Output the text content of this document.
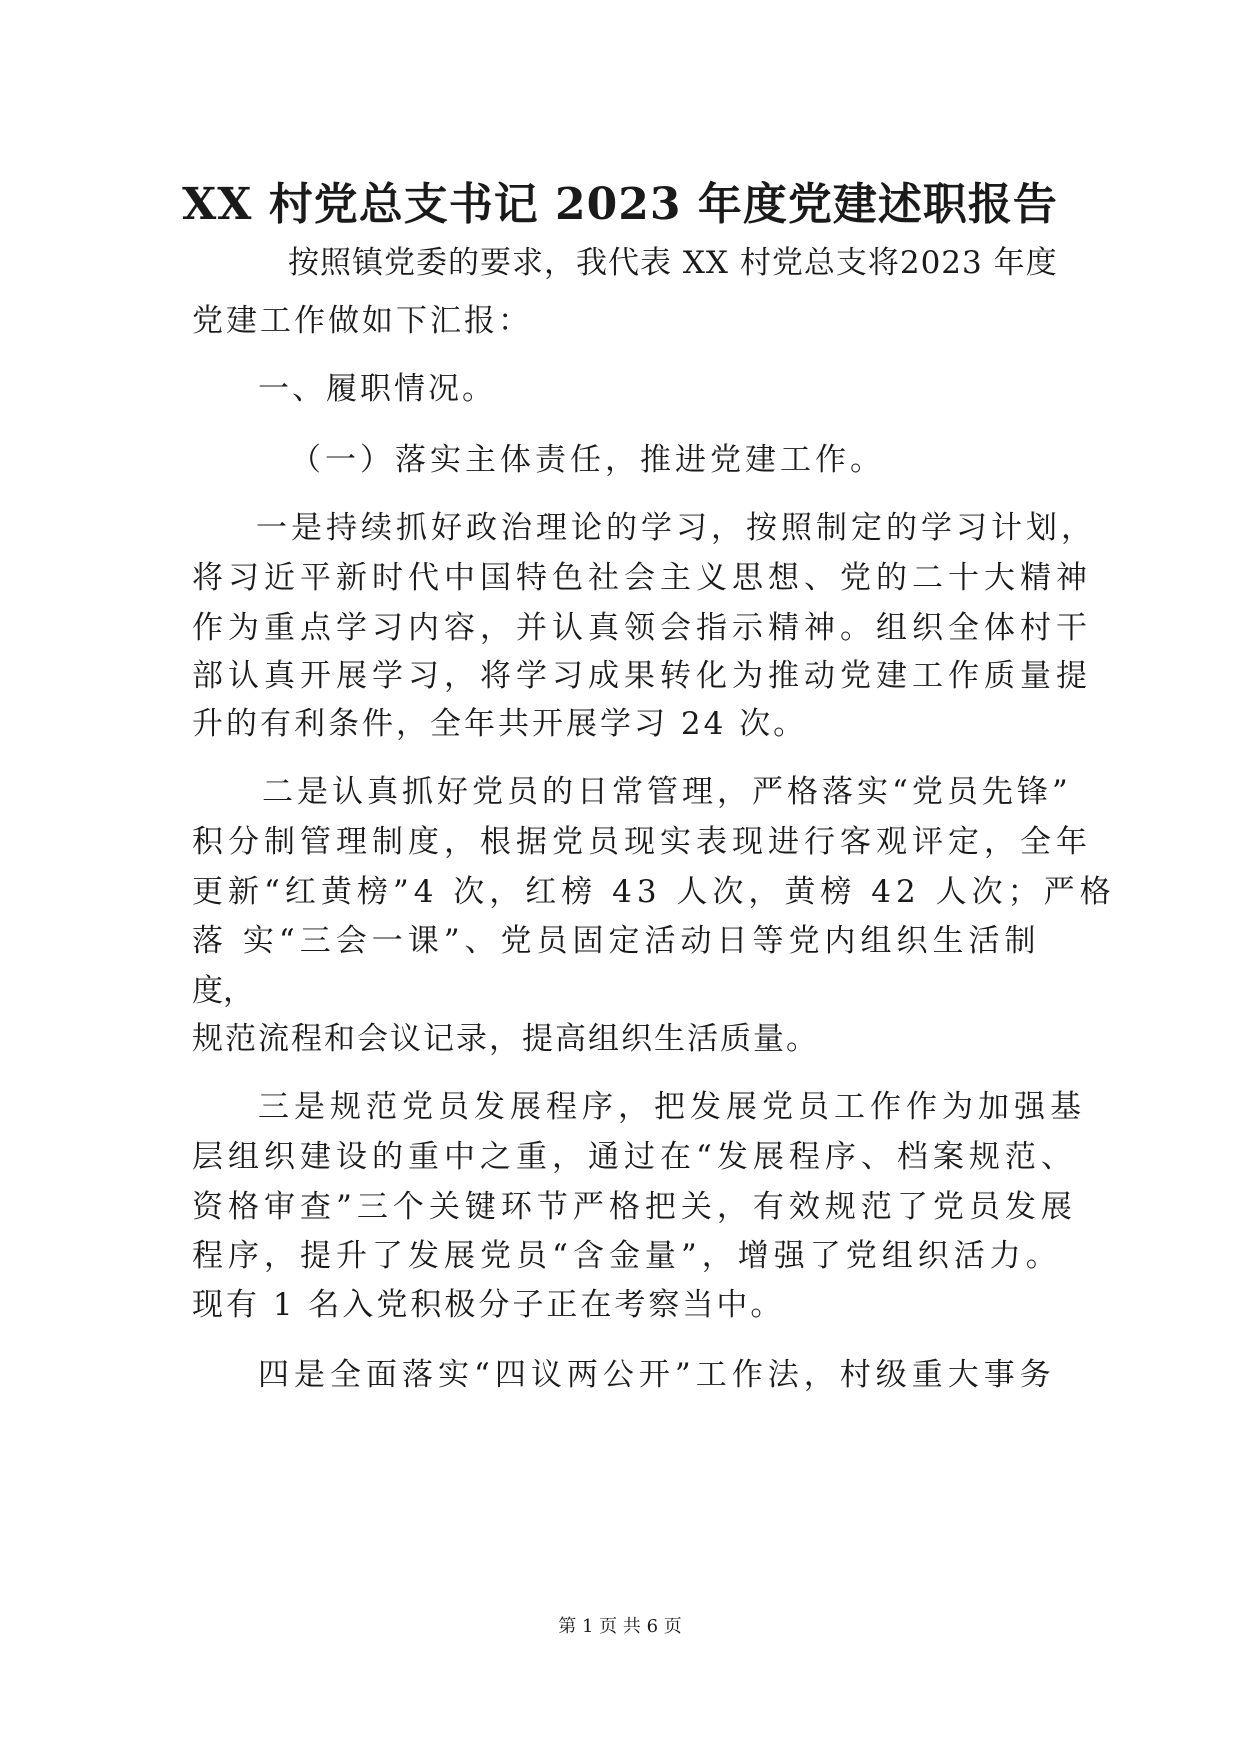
XX 村党总支书记 2023 年度党建述职报告

按照镇党委的要求，我代表 XX 村党总支将2023 年度

党建工作做如下汇报：

一、履职情况。

（一）落实主体责任，推进党建工作。

一是持续抓好政治理论的学习，按照制定的学习计划，

将习近平新时代中国特色社会主义思想、党的二十大精神

作为重点学习内容，并认真领会指示精神。组织全体村干

部认真开展学习，将学习成果转化为推动党建工作质量提

升的有利条件，全年共开展学习 24 次。

二是认真抓好党员的日常管理，严格落实“党员先锋”

积分制管理制度，根据党员现实表现进行客观评定，全年

更新“红黄榜”4 次，红榜 43 人次，黄榜 42 人次；严格

落 实“三会一课”、党员固定活动日等党内组织生活制

度，

规范流程和会议记录，提高组织生活质量。

三是规范党员发展程序，把发展党员工作作为加强基

层组织建设的重中之重，通过在“发展程序、档案规范、

资格审查”三个关键环节严格把关，有效规范了党员发展

程序，提升了发展党员“含金量”，增强了党组织活力。

现有 1 名入党积极分子正在考察当中。

四是全面落实“四议两公开”工作法，村级重大事务

第 1 页 共 6 页
